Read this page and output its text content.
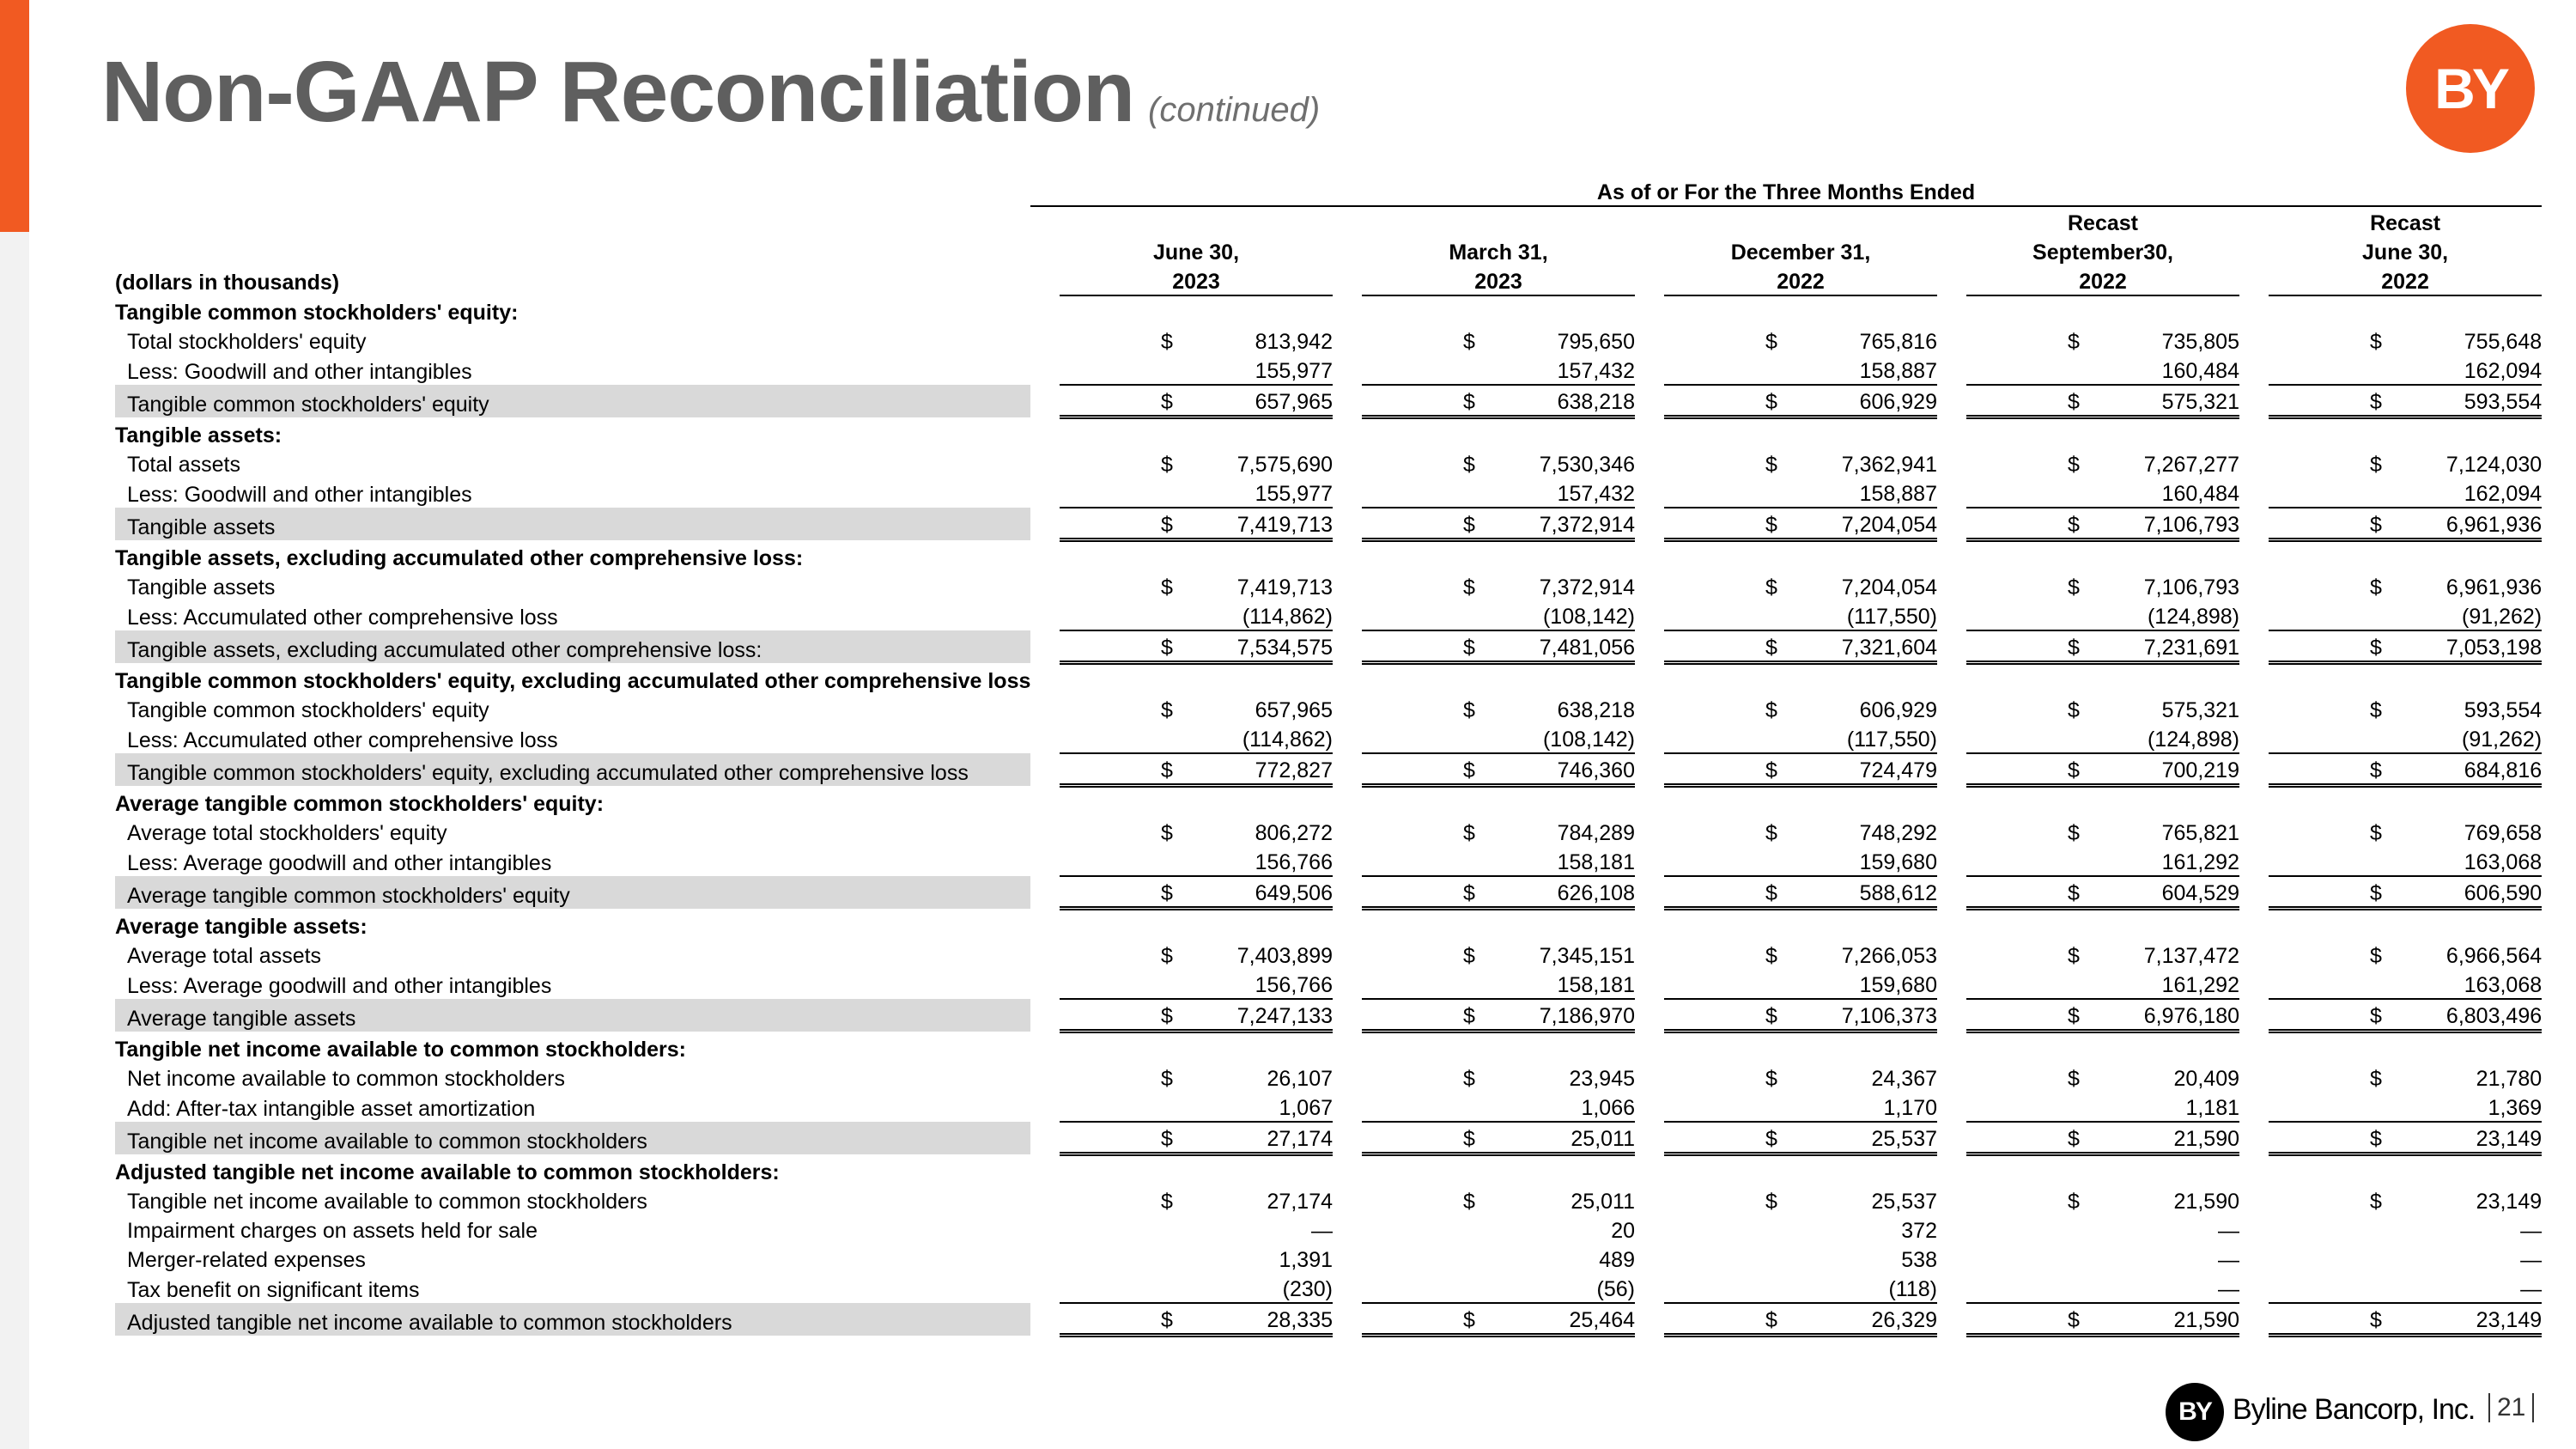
Non-GAAP Reconciliation (continued)	BY
	As of or For the Three Months Ended									
								Recast		Recast
		June 30,		March 31,		December 31,		September30,		June 30,
(dollars in thousands)		2023		2023		2022		2022		2022
Tangible common stockholders' equity:										
Total stockholders' equity		$ 813,942		$ 795,650		$ 765,816		$ 735,805		$ 755,648

Less: Goodwill and other intangibles		155,977		157,432		158,887		160,484		162,094

Tangible common stockholders' equity		$ 657,965		$ 638,218		$ 606,929		$ 575,321		$ 593,554

Tangible assets:										
Total assets		$ 7,575,690		$ 7,530,346		$ 7,362,941		$ 7,267,277		$ 7,124,030

Less: Goodwill and other intangibles		155,977		157,432		158,887		160,484		162,094

Tangible assets		$ 7,419,713		$ 7,372,914		$ 7,204,054		$ 7,106,793		$ 6,961,936

Tangible assets, excluding accumulated other comprehensive loss:										
Tangible assets		$ 7,419,713		$ 7,372,914		$ 7,204,054		$ 7,106,793		$ 6,961,936

Less: Accumulated other comprehensive loss		(114,862)		(108,142)		(117,550)		(124,898)		(91,262)

Tangible assets, excluding accumulated other comprehensive loss:		$ 7,534,575		$ 7,481,056		$ 7,321,604		$ 7,231,691		$ 7,053,198

Tangible common stockholders' equity, excluding accumulated other comprehensive loss										
Tangible common stockholders' equity		$ 657,965		$ 638,218		$ 606,929		$ 575,321		$ 593,554

Less: Accumulated other comprehensive loss		(114,862)		(108,142)		(117,550)		(124,898)		(91,262)

Tangible common stockholders' equity, excluding accumulated other comprehensive loss		$ 772,827		$ 746,360		$ 724,479		$ 700,219		$ 684,816

Average tangible common stockholders' equity:										
Average total stockholders' equity		$ 806,272		$ 784,289		$ 748,292		$ 765,821		$ 769,658

Less: Average goodwill and other intangibles		156,766		158,181		159,680		161,292		163,068

Average tangible common stockholders' equity		$ 649,506		$ 626,108		$ 588,612		$ 604,529		$ 606,590

Average tangible assets:										
Average total assets		$ 7,403,899		$ 7,345,151		$ 7,266,053		$ 7,137,472		$ 6,966,564

Less: Average goodwill and other intangibles		156,766		158,181		159,680		161,292		163,068

Average tangible assets		$ 7,247,133		$ 7,186,970		$ 7,106,373		$ 6,976,180		$ 6,803,496

Tangible net income available to common stockholders:										
Net income available to common stockholders		$ 26,107		$ 23,945		$ 24,367		$ 20,409		$ 21,780

Add: After-tax intangible asset amortization		1,067		1,066		1,170		1,181		1,369

Tangible net income available to common stockholders		$ 27,174		$ 25,011		$ 25,537		$ 21,590		$ 23,149

Adjusted tangible net income available to common stockholders:										
Tangible net income available to common stockholders		$ 27,174		$ 25,011		$ 25,537		$ 21,590		$ 23,149

Impairment charges on assets held for sale		—		20		372		—		—

Merger-related expenses		1,391		489		538		—		—

Tax benefit on significant items		(230)		(56)		(118)		—		—

Adjusted tangible net income available to common stockholders		$ 28,335		$ 25,464		$ 26,329		$ 21,590		$ 23,149
BY Byline Bancorp, Inc. 21
